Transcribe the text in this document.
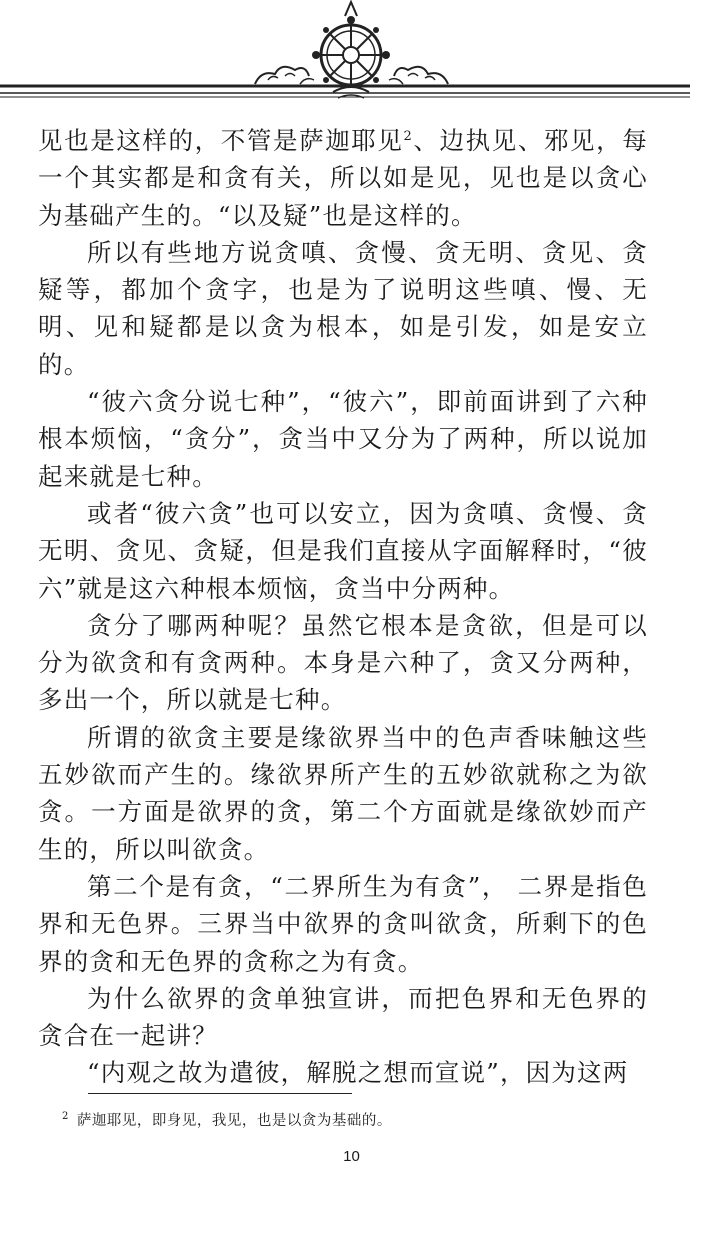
见也是这样的，不管是萨迦耶见$^2$、边执见、邪见，每一个其实都是和贪有关，所以如是见，见也是以贪心为基础产生的。“以及疑”也是这样的。

所以有些地方说贪嗔、贪慢、贪无明、贪见、贪疑等，都加个贪字，也是为了说明这些嗔、慢、无明、见和疑都是以贪为根本，如是引发，如是安立的。

“彼六贪分说七种”，“彼六”，即前面讲到了六种根本烦恼，“贪分”，贪当中又分为了两种，所以说加起来就是七种。

或者“彼六贪”也可以安立，因为贪嗔、贪慢、贪无明、贪见、贪疑，但是我们直接从字面解释时，“彼六”就是这六种根本烦恼，贪当中分两种。

贪分了哪两种呢？虽然它根本是贪欲，但是可以分为欲贪和有贪两种。本身是六种了，贪又分两种，多出一个，所以就是七种。

所谓的欲贪主要是缘欲界当中的色声香味触这些五妙欲而产生的。缘欲界所产生的五妙欲就称之为欲贪。一方面是欲界的贪，第二个方面就是缘欲妙而产生的，所以叫欲贪。

第二个是有贪，“二界所生为有贪”， 二界是指色界和无色界。三界当中欲界的贪叫欲贪，所剩下的色界的贪和无色界的贪称之为有贪。

为什么欲界的贪单独宣讲，而把色界和无色界的贪合在一起讲？

“内观之故为遣彼，解脱之想而宣说”，因为这两

$^2$ 萨迦耶见，即身见，我见，也是以贪为基础的。
10
